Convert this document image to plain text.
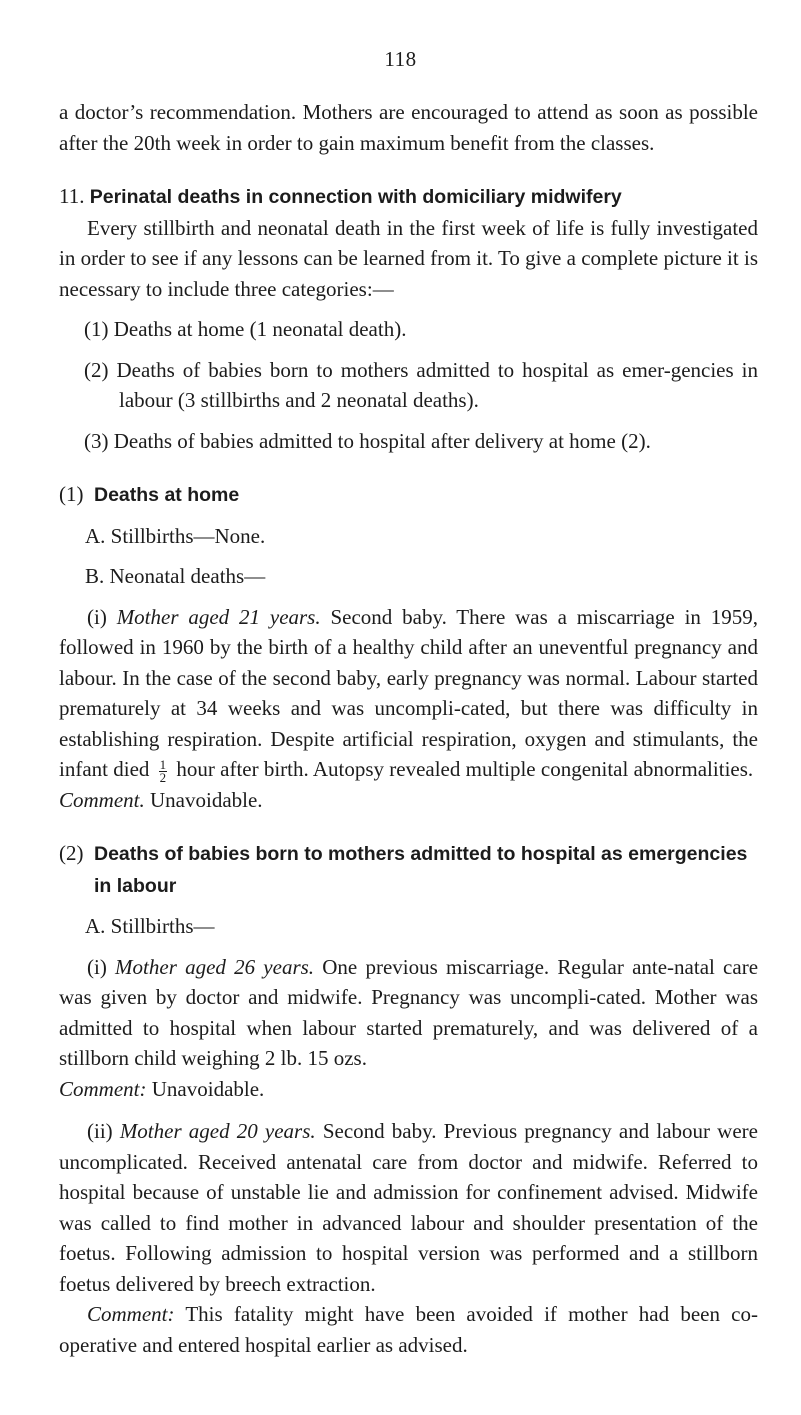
118

a doctor’s recommendation. Mothers are encouraged to attend as soon as possible after the 20th week in order to gain maximum benefit from the classes.

11. Perinatal deaths in connection with domiciliary midwifery

Every stillbirth and neonatal death in the first week of life is fully investigated in order to see if any lessons can be learned from it. To give a complete picture it is necessary to include three categories:—

(1) Deaths at home (1 neonatal death).

(2) Deaths of babies born to mothers admitted to hospital as emer-gencies in labour (3 stillbirths and 2 neonatal deaths).

(3) Deaths of babies admitted to hospital after delivery at home (2).

(1) Deaths at home

A. Stillbirths—None.

B. Neonatal deaths—

(i) Mother aged 21 years. Second baby. There was a miscarriage in 1959, followed in 1960 by the birth of a healthy child after an uneventful pregnancy and labour. In the case of the second baby, early pregnancy was normal. Labour started prematurely at 34 weeks and was uncompli-cated, but there was difficulty in establishing respiration. Despite artificial respiration, oxygen and stimulants, the infant died $\frac{1}{2}$ hour after birth. Autopsy revealed multiple congenital abnormalities.

Comment. Unavoidable.

(2) Deaths of babies born to mothers admitted to hospital as emergencies

in labour

A. Stillbirths—

(i) Mother aged 26 years. One previous miscarriage. Regular ante-natal care was given by doctor and midwife. Pregnancy was uncompli-cated. Mother was admitted to hospital when labour started prematurely, and was delivered of a stillborn child weighing 2 lb. 15 ozs.

Comment: Unavoidable.

(ii) Mother aged 20 years. Second baby. Previous pregnancy and labour were uncomplicated. Received antenatal care from doctor and midwife. Referred to hospital because of unstable lie and admission for confinement advised. Midwife was called to find mother in advanced labour and shoulder presentation of the foetus. Following admission to hospital version was performed and a stillborn foetus delivered by breech extraction.

Comment: This fatality might have been avoided if mother had been co-operative and entered hospital earlier as advised.
